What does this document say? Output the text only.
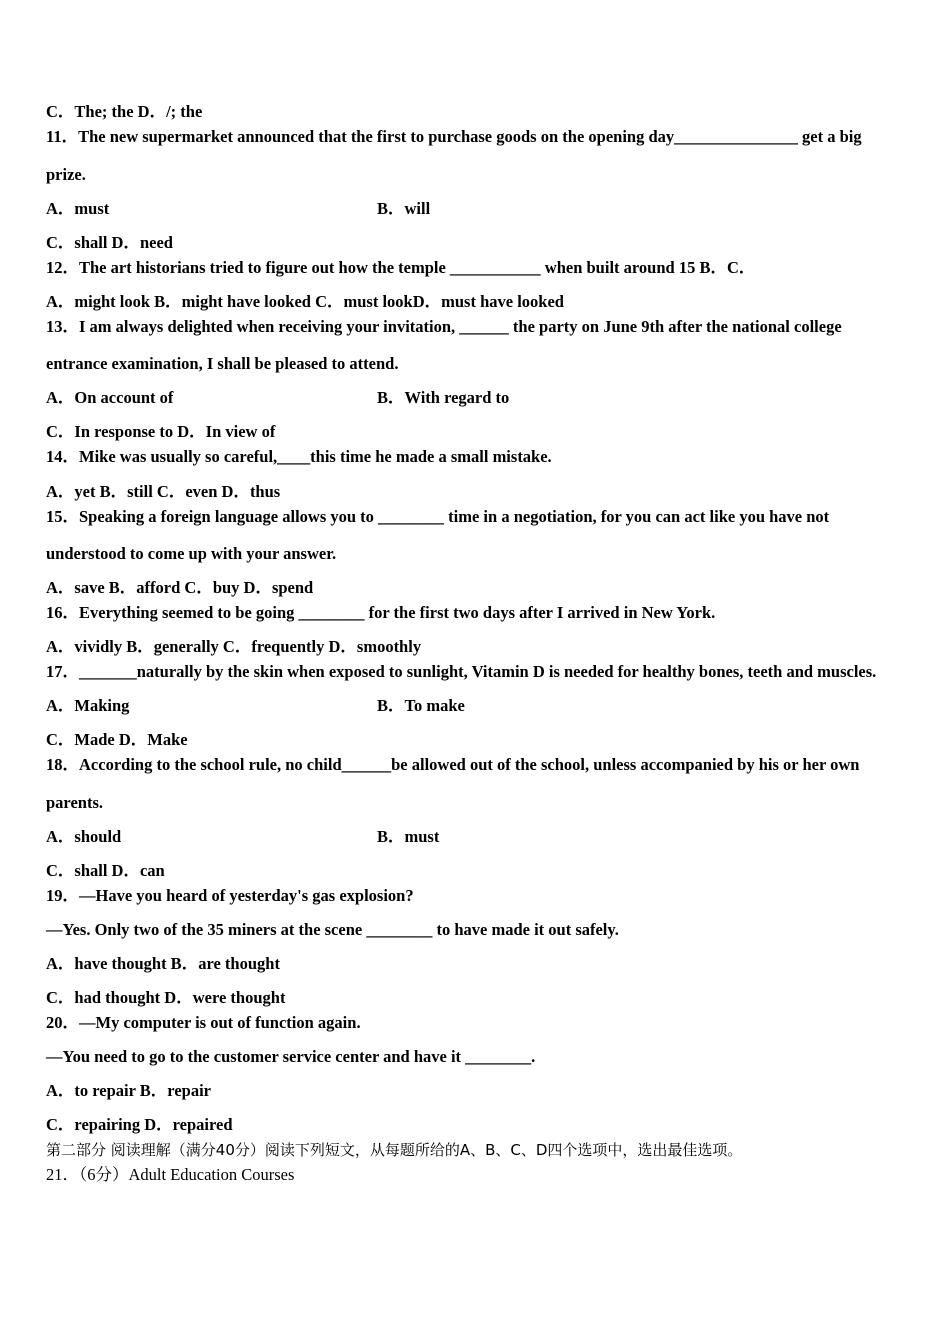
C．The; the D．/; the
11．The new supermarket announced that the first to purchase goods on the opening day_______________ get a big
prize.
A．must	B．will
C．shall D．need
12．The art historians tried to figure out how the temple ___________ when built around 15 B．C．
A．might look B．might have looked C．must lookD．must have looked
13．I am always delighted when receiving your invitation, ______ the party on June 9th after the national college
entrance examination, I shall be pleased to attend.
A．On account of	B．With regard to
C．In response to D．In view of
14．Mike was usually so careful,____this time he made a small mistake.
A．yet B．still C．even D．thus
15．Speaking a foreign language allows you to ________ time in a negotiation, for you can act like you have not
understood to come up with your answer.
A．save B．afford C．buy D．spend
16．Everything seemed to be going ________ for the first two days after I arrived in New York.
A．vividly B．generally C．frequently D．smoothly
17．_______naturally by the skin when exposed to sunlight, Vitamin D is needed for healthy bones, teeth and muscles.
A．Making	B．To make
C．Made D．Make
18．According to the school rule, no child______be allowed out of the school, unless accompanied by his or her own
parents.
A．should	B．must
C．shall D．can
19．—Have you heard of yesterday's gas explosion?
—Yes. Only two of the 35 miners at the scene ________ to have made it out safely.
A．have thought B．are thought
C．had thought D．were thought
20．—My computer is out of function again.
—You need to go to the customer service center and have it ________.
A．to repair B．repair
C．repairing D．repaired
第二部分 阅读理解（满分40分）阅读下列短文，从每题所给的A、B、C、D四个选项中，选出最佳选项。
21．（6分）Adult Education Courses
